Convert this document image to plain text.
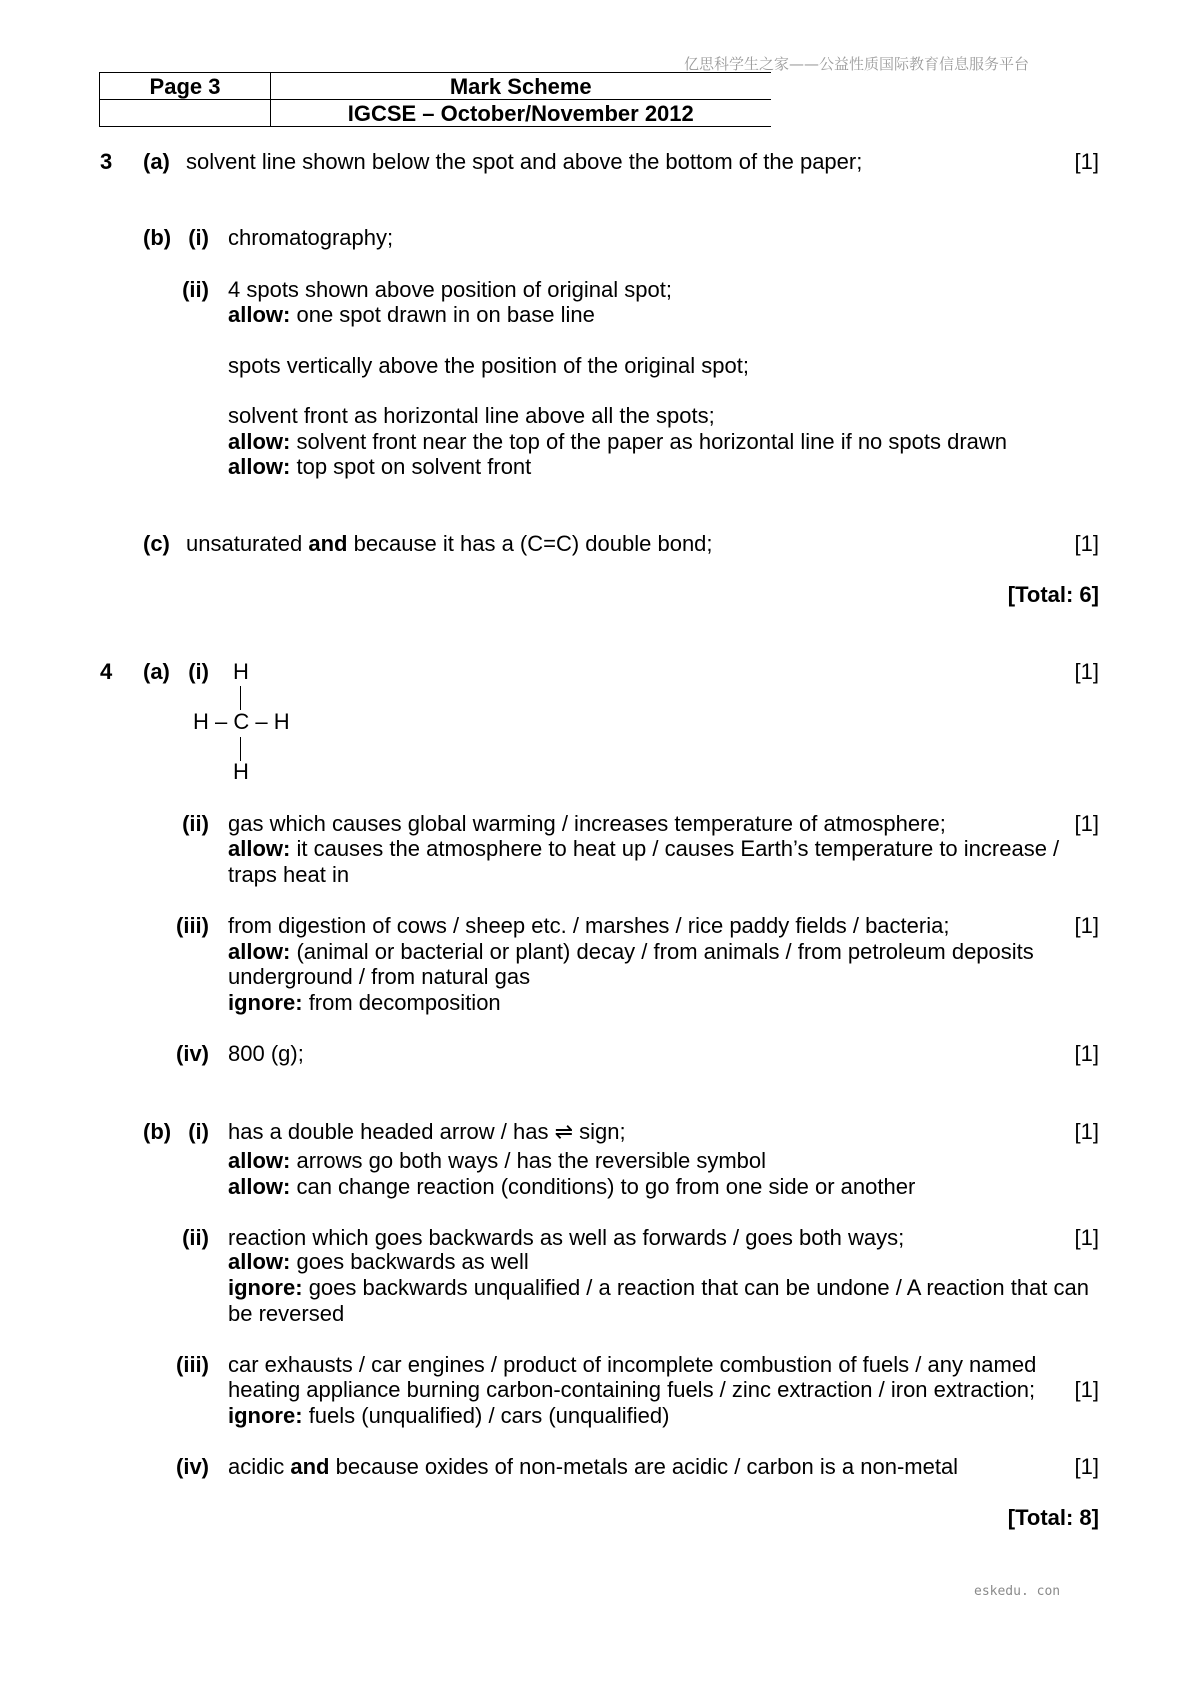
亿思科学生之家——公益性质国际教育信息服务平台
Page 3	Mark Scheme
	IGCSE – October/November 2012
3 (a) solvent line shown below the spot and above the bottom of the paper;	[1]
(b) (i) chromatography;
(ii) 4 spots shown above position of original spot;
allow: one spot drawn in on base line
spots vertically above the position of the original spot;
solvent front as horizontal line above all the spots;
allow: solvent front near the top of the paper as horizontal line if no spots drawn
allow: top spot on solvent front
(c) unsaturated and because it has a (C=C) double bond;	[1]
[Total: 6]
4 (a) (i) H	[1]
H – C – H
H
(ii) gas which causes global warming / increases temperature of atmosphere;	[1]
allow: it causes the atmosphere to heat up / causes Earth’s temperature to increase /
traps heat in
(iii) from digestion of cows / sheep etc. / marshes / rice paddy fields / bacteria;	[1]
allow: (animal or bacterial or plant) decay / from animals / from petroleum deposits
underground / from natural gas
ignore: from decomposition
(iv) 800 (g);	[1]
(b) (i) has a double headed arrow / has ⇌ sign;	[1]
allow: arrows go both ways / has the reversible symbol
allow: can change reaction (conditions) to go from one side or another
(ii) reaction which goes backwards as well as forwards / goes both ways;	[1]
allow: goes backwards as well
ignore: goes backwards unqualified / a reaction that can be undone / A reaction that can
be reversed
(iii) car exhausts / car engines / product of incomplete combustion of fuels / any named
heating appliance burning carbon-containing fuels / zinc extraction / iron extraction; [1]
ignore: fuels (unqualified) / cars (unqualified)
(iv) acidic and because oxides of non-metals are acidic / carbon is a non-metal	[1]
[Total: 8]
eskedu. con
